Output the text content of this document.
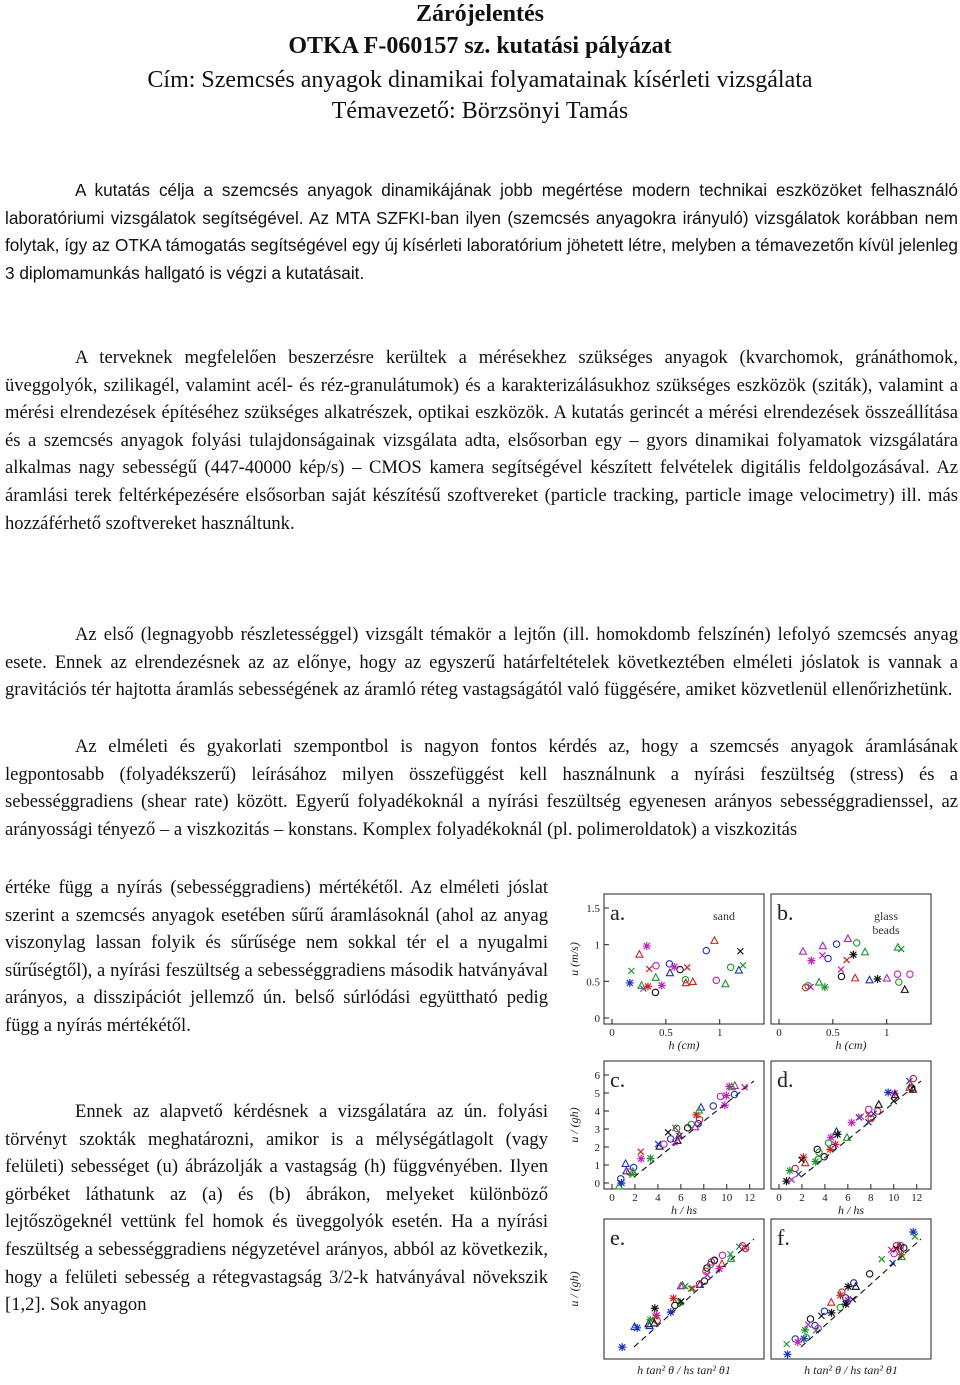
Zárójelentés
OTKA F-060157 sz. kutatási pályázat
Cím: Szemcsés anyagok dinamikai folyamatainak kísérleti vizsgálata
Témavezető: Börzsönyi Tamás

A kutatás célja a szemcsés anyagok dinamikájának jobb megértése modern technikai eszközöket felhasználó laboratóriumi vizsgálatok segítségével. Az MTA SZFKI-ban ilyen (szemcsés anyagokra irányuló) vizsgálatok korábban nem folytak, így az OTKA támogatás segítségével egy új kísérleti laboratórium jöhetett létre, melyben a témavezetőn kívül jelenleg 3 diplomamunkás hallgató is végzi a kutatásait.

A terveknek megfelelően beszerzésre kerültek a mérésekhez szükséges anyagok (kvarchomok, gránáthomok, üveggolyók, szilikagél, valamint acél- és réz-granulátumok) és a karakterizálásukhoz szükséges eszközök (sziták), valamint a mérési elrendezések építéséhez szükséges alkatrészek, optikai eszközök. A kutatás gerincét a mérési elrendezések összeállítása és a szemcsés anyagok folyási tulajdonságainak vizsgálata adta, elsősorban egy – gyors dinamikai folyamatok vizsgálatára alkalmas nagy sebességű (447-40000 kép/s) – CMOS kamera segítségével készített felvételek digitális feldolgozásával. Az áramlási terek feltérképezésére elsősorban saját készítésű szoftvereket (particle tracking, particle image velocimetry) ill. más hozzáférhető szoftvereket használtunk.

Az első (legnagyobb részletességgel) vizsgált témakör a lejtőn (ill. homokdomb felszínén) lefolyó szemcsés anyag esete. Ennek az elrendezésnek az az előnye, hogy az egyszerű határfeltételek következtében elméleti jóslatok is vannak a gravitációs tér hajtotta áramlás sebességének az áramló réteg vastagságától való függésére, amiket közvetlenül ellenőrizhetünk.

Az elméleti és gyakorlati szempontbol is nagyon fontos kérdés az, hogy a szemcsés anyagok áramlásának legpontosabb (folyadékszerű) leírásához milyen összefüggést kell használnunk a nyírási feszültség (stress) és a sebességgradiens (shear rate) között. Egyerű folyadékoknál a nyírási feszültség egyenesen arányos sebességgradienssel, az arányossági tényező – a viszkozitás – konstans. Komplex folyadékoknál (pl. polimeroldatok) a viszkozitás

értéke függ a nyírás (sebességgradiens) mértékétől. Az elméleti jóslat szerint a szemcsés anyagok esetében sűrű áramlásoknál (ahol az anyag viszonylag lassan folyik és sűrűsége nem sokkal tér el a nyugalmi sűrűségtől), a nyírási feszültség a sebességgradiens második hatványával arányos, a disszipációt jellemző ún. belső súrlódási együttható pedig függ a nyírás mértékétől.

Ennek az alapvető kérdésnek a vizsgálatára az ún. folyási törvényt szokták meghatározni, amikor is a mélységátlagolt (vagy felületi) sebességet (u) ábrázolják a vastagság (h) függvényében. Ilyen görbéket láthatunk az (a) és (b) ábrákon, melyeket különböző lejtőszögeknél vettünk fel homok és üveggolyók esetén. Ha a nyírási feszültség a sebességgradiens négyzetével arányos, abból az következik, hogy a felületi sebesség a rétegvastagság 3/2-k hatványával növekszik [1,2]. Sok anyagon

a.	sand
0	0.5	1
0
0.5
1
1.5
h (cm)
u (m/s)
b.	glass
beads
0	0.5	1
h (cm)
c.
0 2 4 6 8 10 12
0
1
2
3
4
5
6
h / hs
u / (gh)
d.
0 2 4 6 8 10 12
h / hs
e.
h tan² θ / hs tan² θ1
u / (gh)
f.
h tan² θ / hs tan² θ1
